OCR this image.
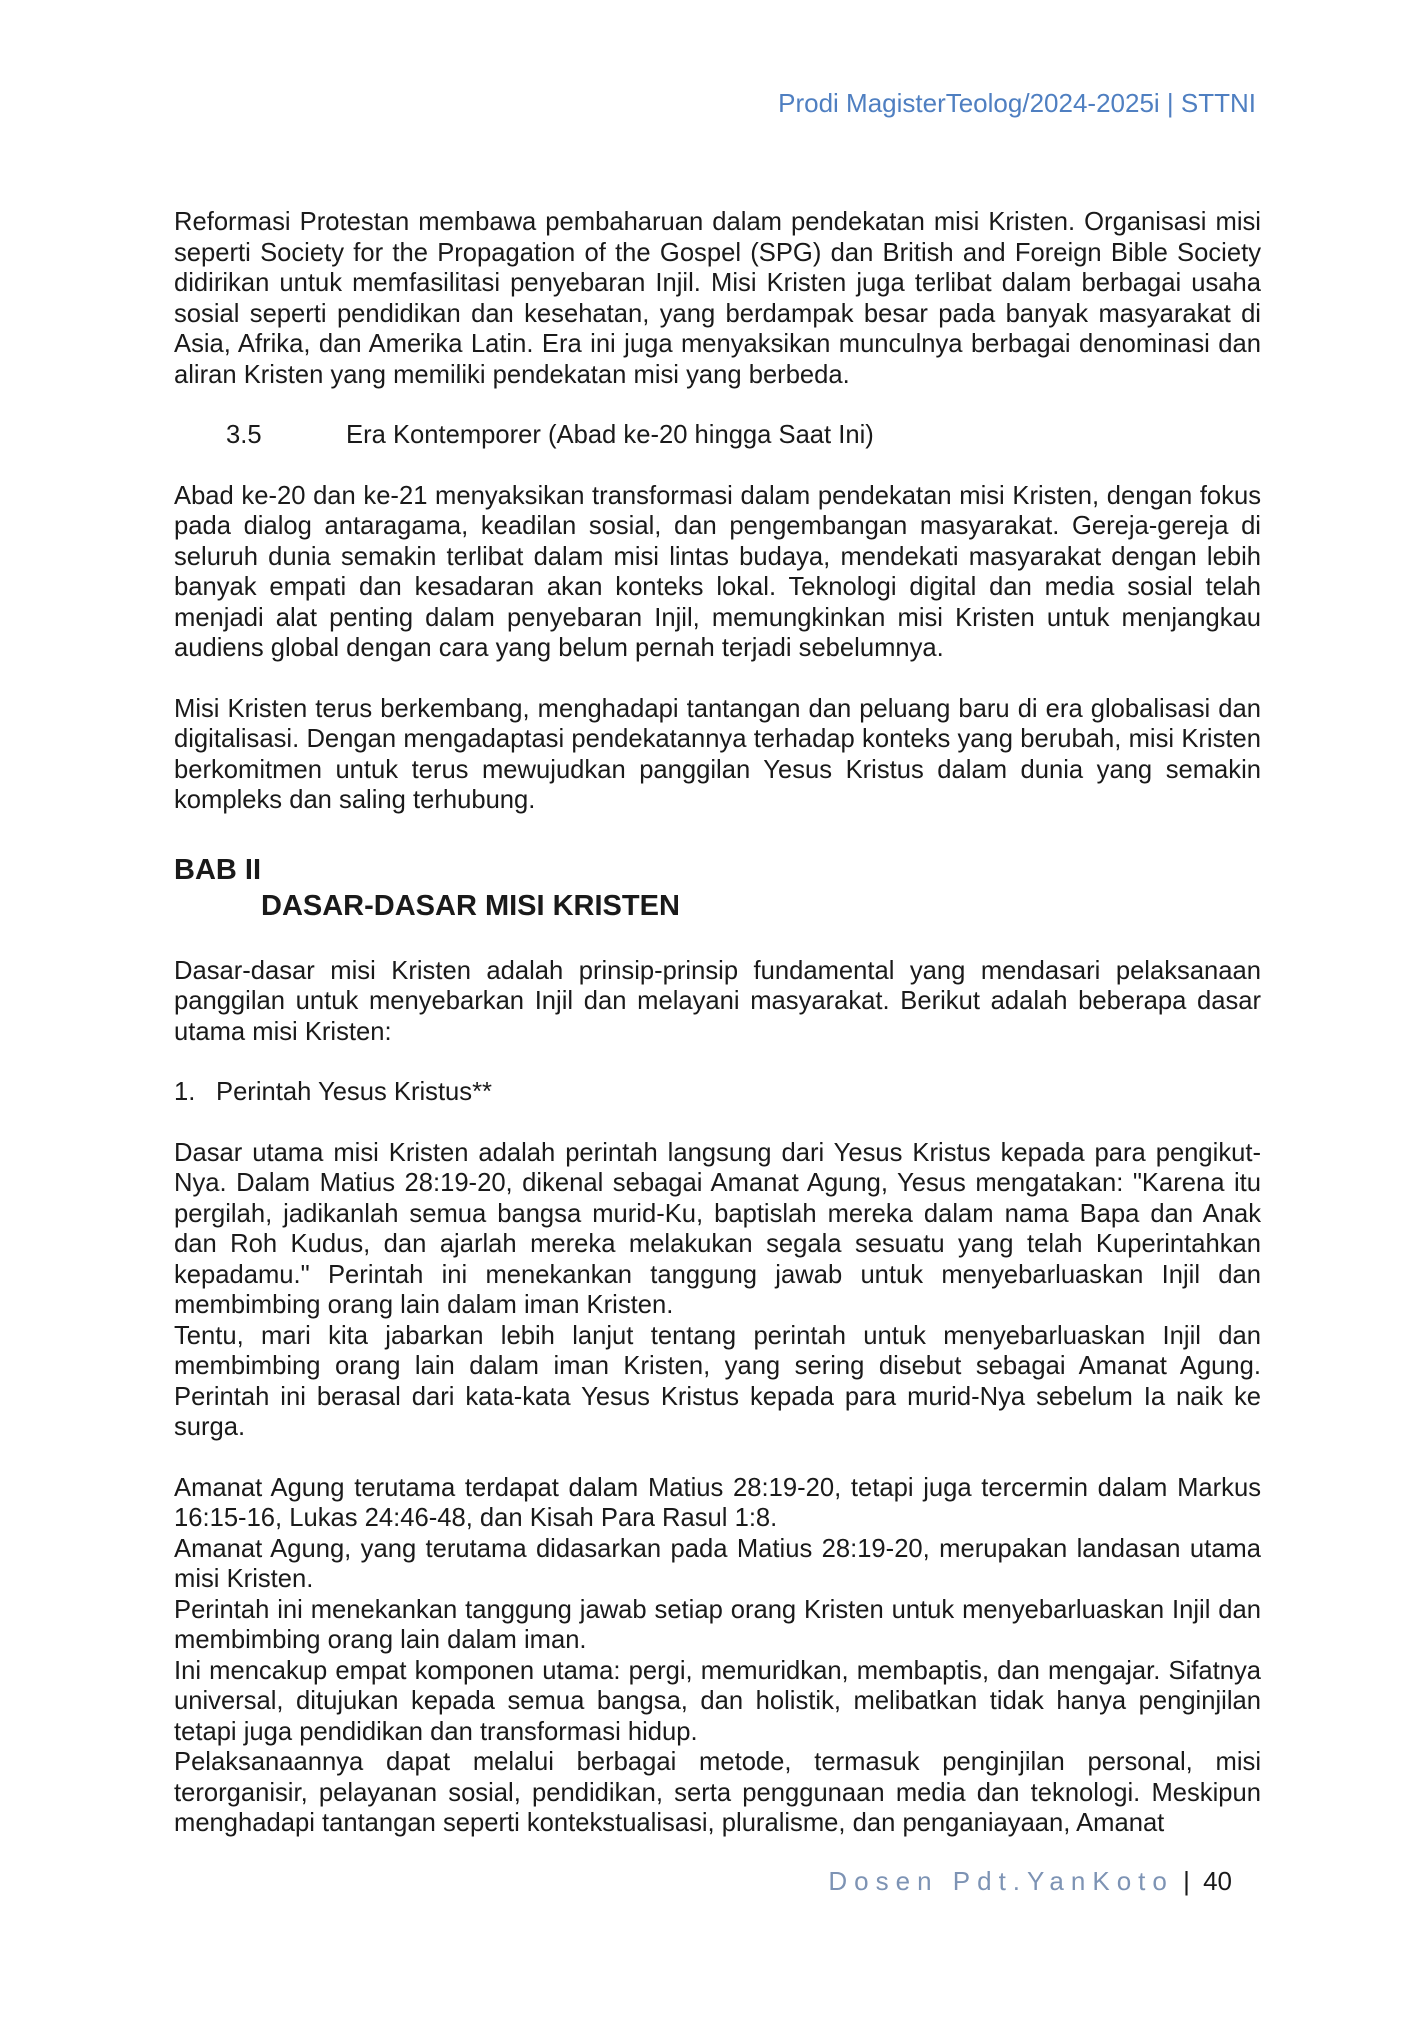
Prodi MagisterTeolog/2024-2025i | STTNI

Reformasi Protestan membawa pembaharuan dalam pendekatan misi Kristen. Organisasi misi seperti Society for the Propagation of the Gospel (SPG) dan British and Foreign Bible Society didirikan untuk memfasilitasi penyebaran Injil. Misi Kristen juga terlibat dalam berbagai usaha sosial seperti pendidikan dan kesehatan, yang berdampak besar pada banyak masyarakat di Asia, Afrika, dan Amerika Latin. Era ini juga menyaksikan munculnya berbagai denominasi dan aliran Kristen yang memiliki pendekatan misi yang berbeda.

3.5	Era Kontemporer (Abad ke-20 hingga Saat Ini)

Abad ke-20 dan ke-21 menyaksikan transformasi dalam pendekatan misi Kristen, dengan fokus pada dialog antaragama, keadilan sosial, dan pengembangan masyarakat. Gereja-gereja di seluruh dunia semakin terlibat dalam misi lintas budaya, mendekati masyarakat dengan lebih banyak empati dan kesadaran akan konteks lokal. Teknologi digital dan media sosial telah menjadi alat penting dalam penyebaran Injil, memungkinkan misi Kristen untuk menjangkau audiens global dengan cara yang belum pernah terjadi sebelumnya.

Misi Kristen terus berkembang, menghadapi tantangan dan peluang baru di era globalisasi dan digitalisasi. Dengan mengadaptasi pendekatannya terhadap konteks yang berubah, misi Kristen berkomitmen untuk terus mewujudkan panggilan Yesus Kristus dalam dunia yang semakin kompleks dan saling terhubung.

BAB II
DASAR-DASAR MISI KRISTEN

Dasar-dasar misi Kristen adalah prinsip-prinsip fundamental yang mendasari pelaksanaan panggilan untuk menyebarkan Injil dan melayani masyarakat. Berikut adalah beberapa dasar utama misi Kristen:

1. Perintah Yesus Kristus**

Dasar utama misi Kristen adalah perintah langsung dari Yesus Kristus kepada para pengikut-Nya. Dalam Matius 28:19-20, dikenal sebagai Amanat Agung, Yesus mengatakan: "Karena itu pergilah, jadikanlah semua bangsa murid-Ku, baptislah mereka dalam nama Bapa dan Anak dan Roh Kudus, dan ajarlah mereka melakukan segala sesuatu yang telah Kuperintahkan kepadamu." Perintah ini menekankan tanggung jawab untuk menyebarluaskan Injil dan membimbing orang lain dalam iman Kristen.

Tentu, mari kita jabarkan lebih lanjut tentang perintah untuk menyebarluaskan Injil dan membimbing orang lain dalam iman Kristen, yang sering disebut sebagai Amanat Agung. Perintah ini berasal dari kata-kata Yesus Kristus kepada para murid-Nya sebelum Ia naik ke surga.

Amanat Agung terutama terdapat dalam Matius 28:19-20, tetapi juga tercermin dalam Markus 16:15-16, Lukas 24:46-48, dan Kisah Para Rasul 1:8.

Amanat Agung, yang terutama didasarkan pada Matius 28:19-20, merupakan landasan utama misi Kristen.

Perintah ini menekankan tanggung jawab setiap orang Kristen untuk menyebarluaskan Injil dan membimbing orang lain dalam iman.

Ini mencakup empat komponen utama: pergi, memuridkan, membaptis, dan mengajar. Sifatnya universal, ditujukan kepada semua bangsa, dan holistik, melibatkan tidak hanya penginjilan tetapi juga pendidikan dan transformasi hidup.

Pelaksanaannya dapat melalui berbagai metode, termasuk penginjilan personal, misi terorganisir, pelayanan sosial, pendidikan, serta penggunaan media dan teknologi. Meskipun menghadapi tantangan seperti kontekstualisasi, pluralisme, dan penganiayaan, Amanat

Dosen Pdt.YanKoto | 40
